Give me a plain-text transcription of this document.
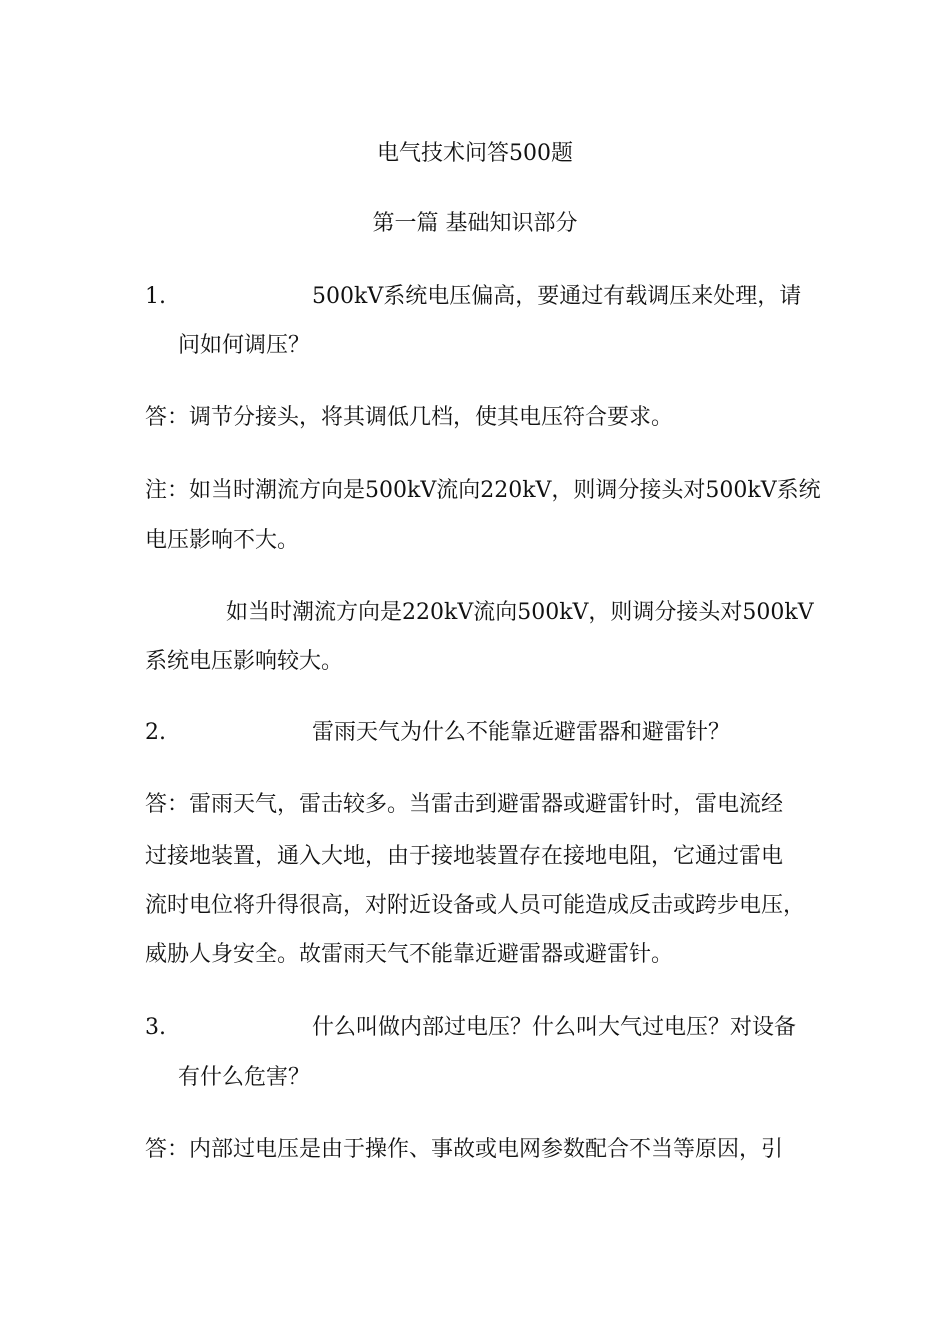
电气技术问答500题
第一篇 基础知识部分
1.	500kV系统电压偏高，要通过有载调压来处理，请
问如何调压？
答：调节分接头，将其调低几档，使其电压符合要求。
注：如当时潮流方向是500kV流向220kV，则调分接头对500kV系统
电压影响不大。
如当时潮流方向是220kV流向500kV，则调分接头对500kV
系统电压影响较大。
2.	雷雨天气为什么不能靠近避雷器和避雷针？
答：雷雨天气，雷击较多。当雷击到避雷器或避雷针时，雷电流经
过接地装置，通入大地，由于接地装置存在接地电阻，它通过雷电
流时电位将升得很高，对附近设备或人员可能造成反击或跨步电压，
威胁人身安全。故雷雨天气不能靠近避雷器或避雷针。
3.	什么叫做内部过电压？什么叫大气过电压？对设备
有什么危害？
答：内部过电压是由于操作、事故或电网参数配合不当等原因，引
